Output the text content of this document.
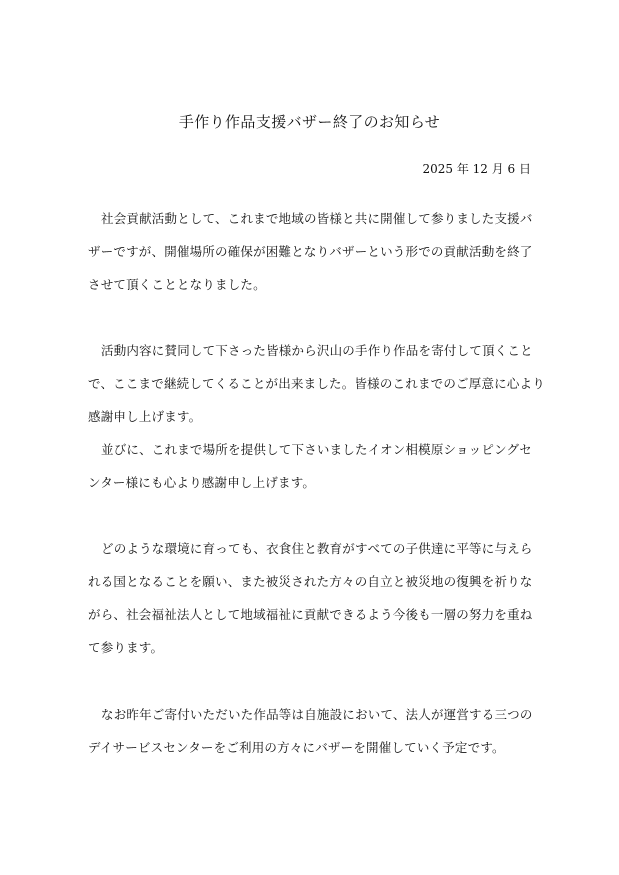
手作り作品支援バザー終了のお知らせ
2025 年 12 月 6 日
社会貢献活動として、これまで地域の皆様と共に開催して参りました支援バ
ザーですが、開催場所の確保が困難となりバザーという形での貢献活動を終了
させて頂くこととなりました。
活動内容に賛同して下さった皆様から沢山の手作り作品を寄付して頂くこと
で、ここまで継続してくることが出来ました。皆様のこれまでのご厚意に心より
感謝申し上げます。
並びに、これまで場所を提供して下さいましたイオン相模原ショッピングセ
ンター様にも心より感謝申し上げます。
どのような環境に育っても、衣食住と教育がすべての子供達に平等に与えら
れる国となることを願い、また被災された方々の自立と被災地の復興を祈りな
がら、社会福祉法人として地域福祉に貢献できるよう今後も一層の努力を重ね
て参ります。
なお昨年ご寄付いただいた作品等は自施設において、法人が運営する三つの
デイサービスセンターをご利用の方々にバザーを開催していく予定です。
